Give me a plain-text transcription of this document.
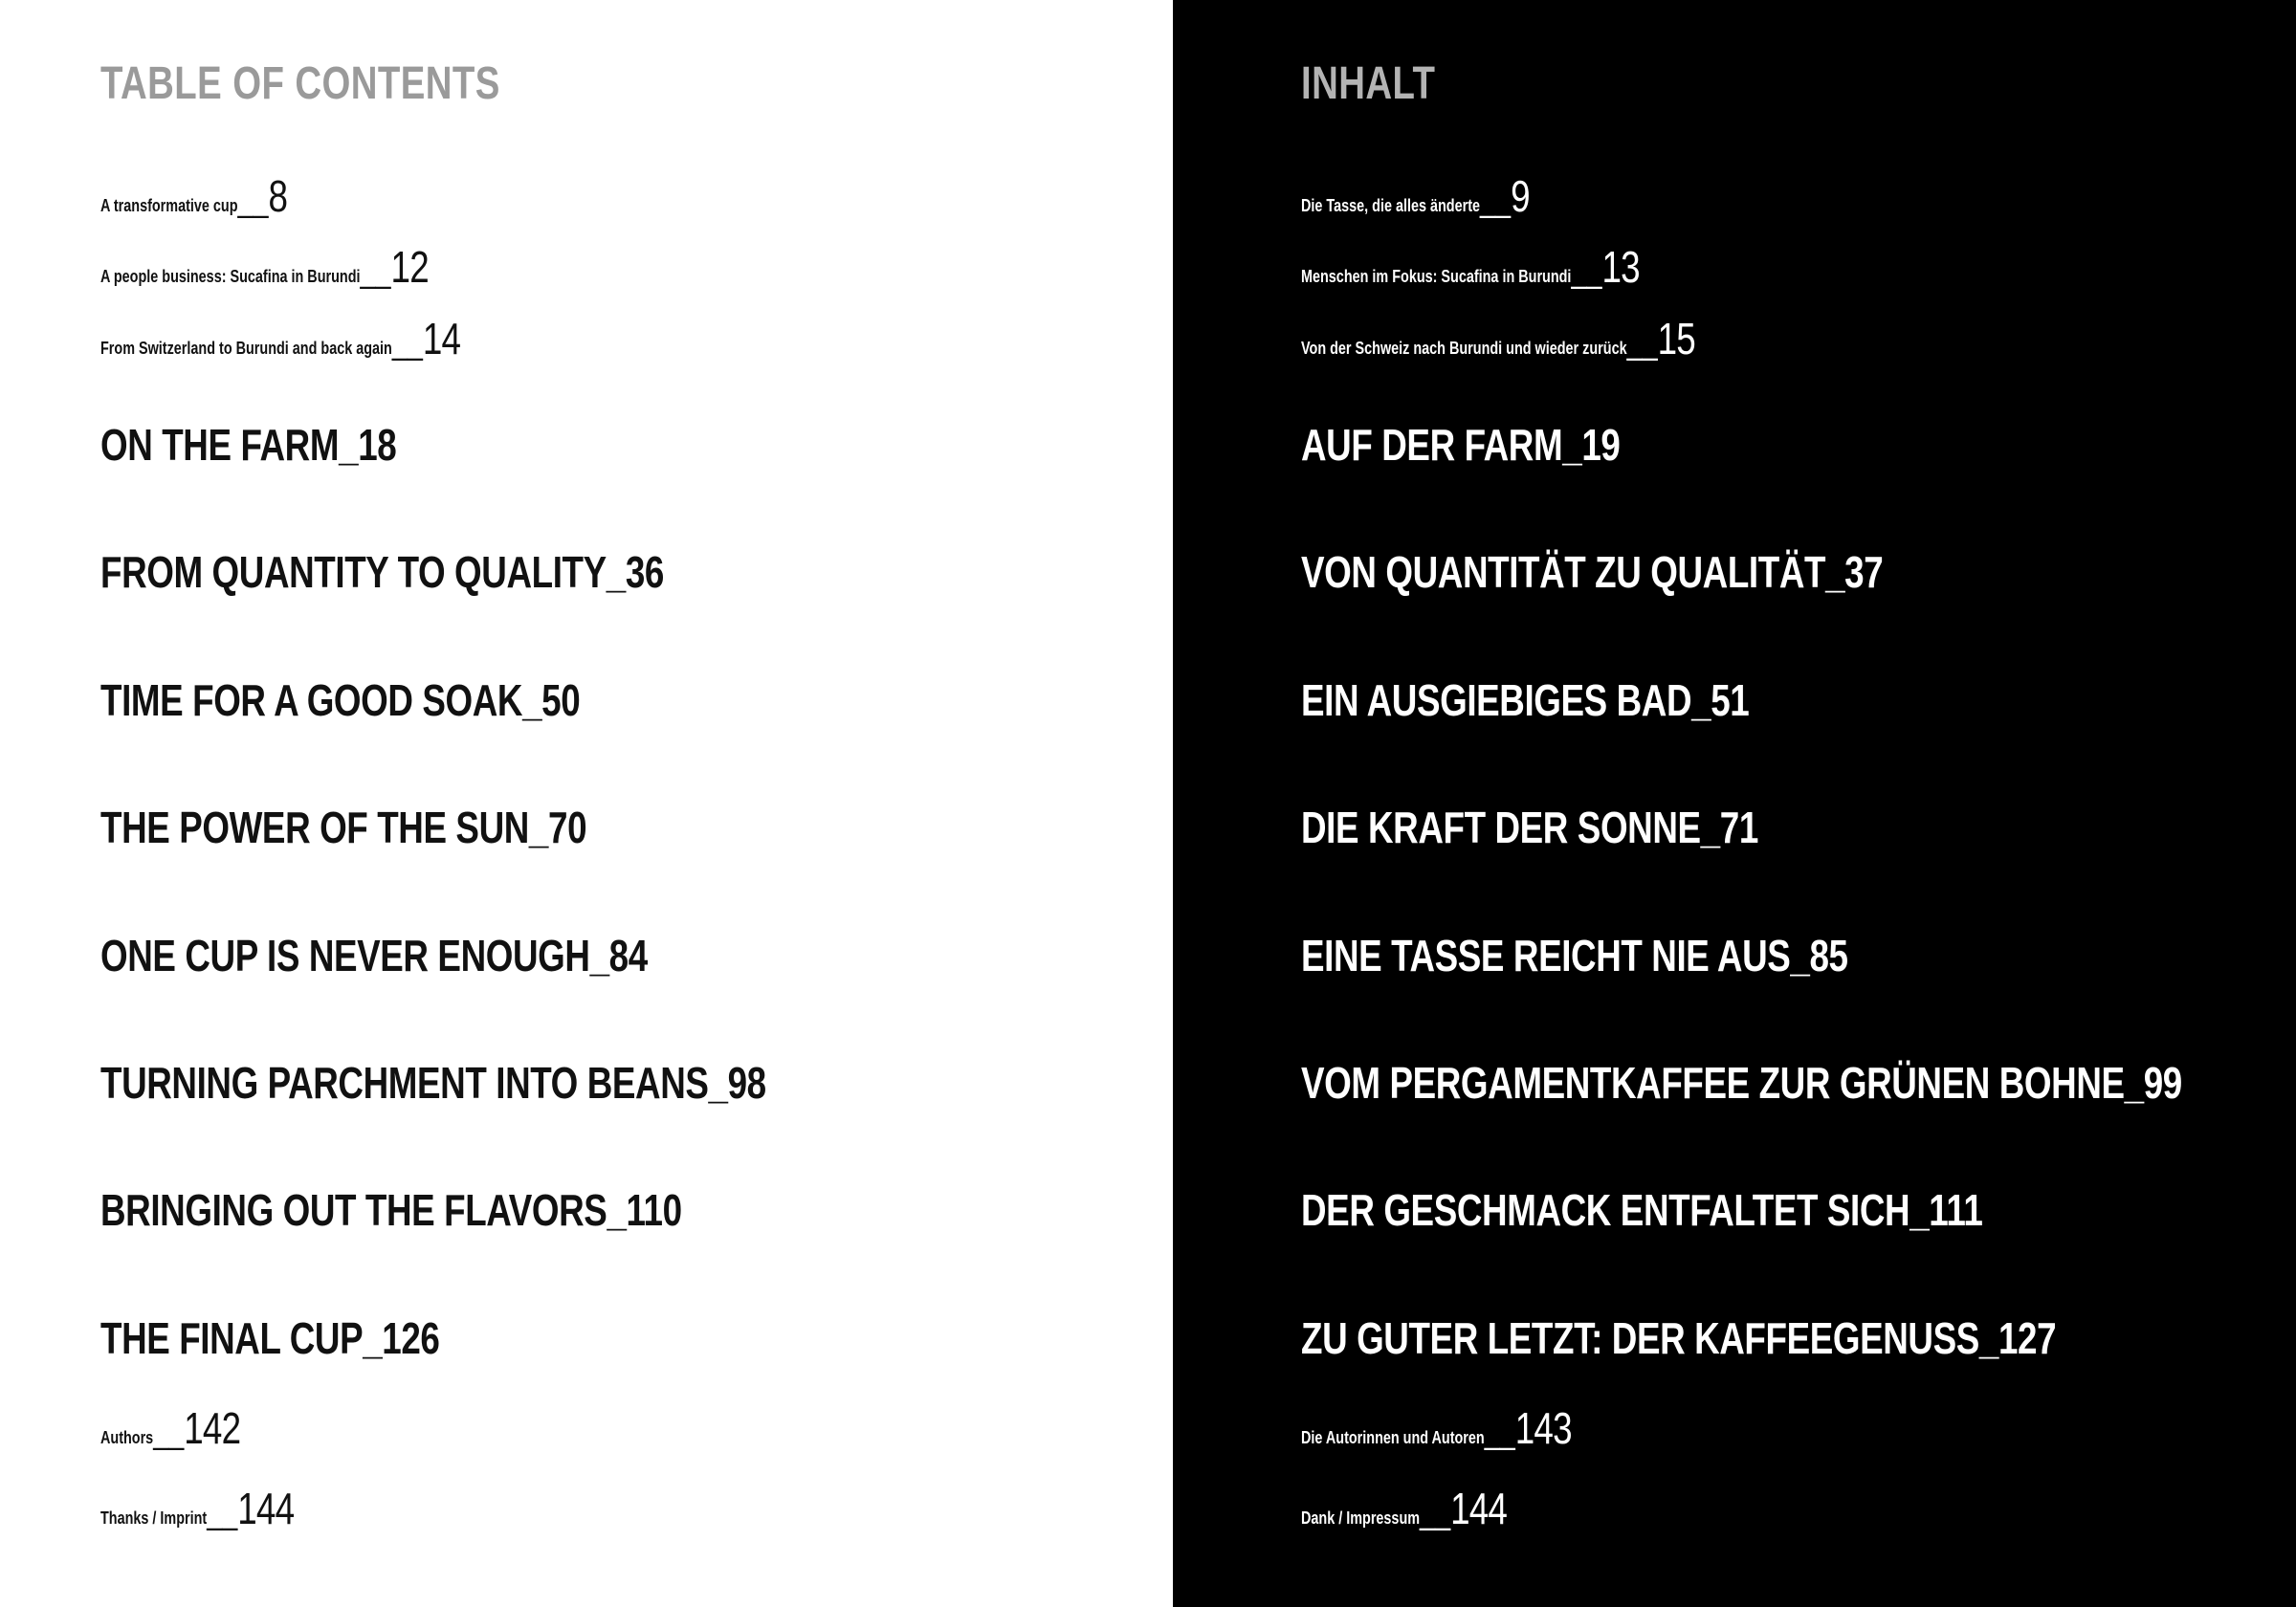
TABLE OF CONTENTS
A transformative cup__8
A people business: Sucafina in Burundi__12
From Switzerland to Burundi and back again__14
ON THE FARM_18
FROM QUANTITY TO QUALITY_36
TIME FOR A GOOD SOAK_50
THE POWER OF THE SUN_70
ONE CUP IS NEVER ENOUGH_84
TURNING PARCHMENT INTO BEANS_98
BRINGING OUT THE FLAVORS_110
THE FINAL CUP_126
Authors__142
Thanks / Imprint__144
INHALT
Die Tasse, die alles änderte__9
Menschen im Fokus: Sucafina in Burundi__13
Von der Schweiz nach Burundi und wieder zurück__15
AUF DER FARM_19
VON QUANTITÄT ZU QUALITÄT_37
EIN AUSGIEBIGES BAD_51
DIE KRAFT DER SONNE_71
EINE TASSE REICHT NIE AUS_85
VOM PERGAMENTKAFFEE ZUR GRÜNEN BOHNE_99
DER GESCHMACK ENTFALTET SICH_111
ZU GUTER LETZT: DER KAFFEEGENUSS_127
Die Autorinnen und Autoren__143
Dank / Impressum__144
